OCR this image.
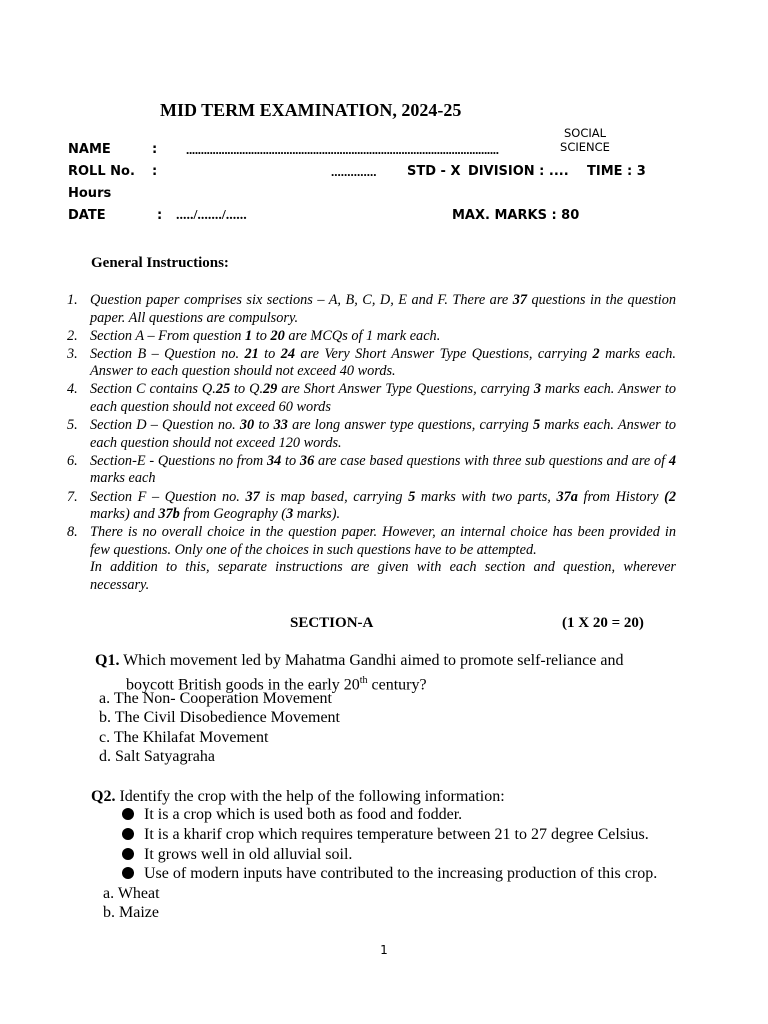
MID TERM EXAMINATION, 2024-25
SOCIAL SCIENCE
NAME	: ..........................................................................................................
ROLL No. :	.............. STD - X DIVISION : .... TIME : 3
Hours
DATE	: ...../......./......	MAX. MARKS : 80
General Instructions:
1. Question paper comprises six sections – A, B, C, D, E and F. There are 37 questions in the question paper. All questions are compulsory.
2. Section A – From question 1 to 20 are MCQs of 1 mark each.
3. Section B – Question no. 21 to 24 are Very Short Answer Type Questions, carrying 2 marks each. Answer to each question should not exceed 40 words.
4. Section C contains Q.25 to Q.29 are Short Answer Type Questions, carrying 3 marks each. Answer to each question should not exceed 60 words
5. Section D – Question no. 30 to 33 are long answer type questions, carrying 5 marks each. Answer to each question should not exceed 120 words.
6. Section-E - Questions no from 34 to 36 are case based questions with three sub questions and are of 4 marks each
7. Section F – Question no. 37 is map based, carrying 5 marks with two parts, 37a from History (2 marks) and 37b from Geography (3 marks).
8. There is no overall choice in the question paper. However, an internal choice has been provided in few questions. Only one of the choices in such questions have to be attempted.
In addition to this, separate instructions are given with each section and question, wherever necessary.
SECTION-A	(1 X 20 = 20)
Q1. Which movement led by Mahatma Gandhi aimed to promote self-reliance and
boycott British goods in the early 20th century?
a. The Non- Cooperation Movement
b. The Civil Disobedience Movement
c. The Khilafat Movement
d. Salt Satyagraha
Q2. Identify the crop with the help of the following information:
It is a crop which is used both as food and fodder.
It is a kharif crop which requires temperature between 21 to 27 degree Celsius.
It grows well in old alluvial soil.
Use of modern inputs have contributed to the increasing production of this crop.
a. Wheat
b. Maize
1
